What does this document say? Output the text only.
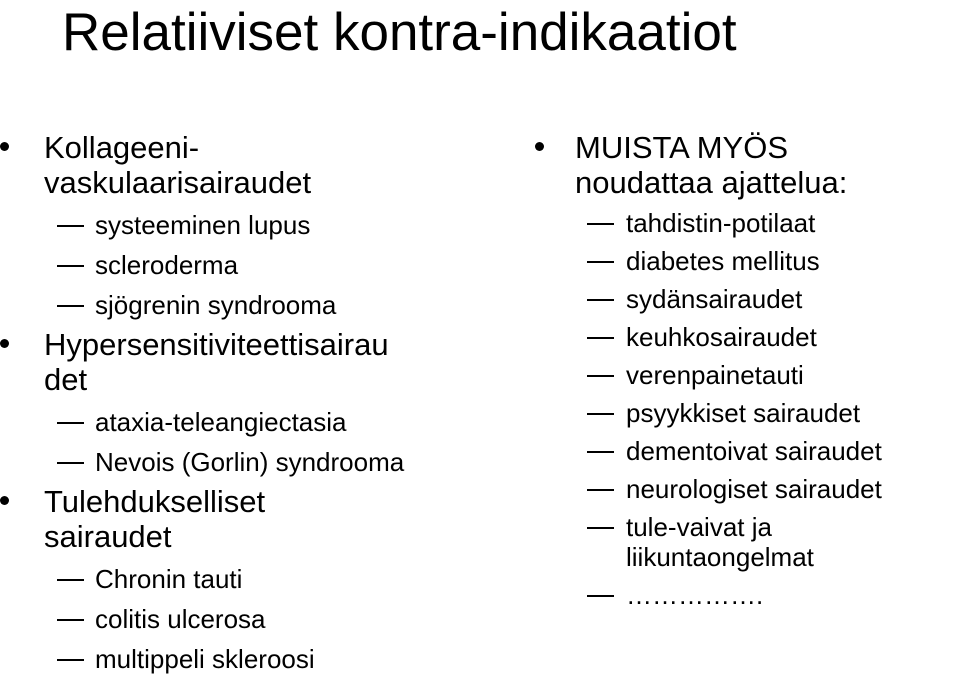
Relatiiviset kontra-indikaatiot
Kollageeni-
vaskulaarisairaudet
systeeminen lupus
scleroderma
sjögrenin syndrooma
Hypersensitiviteettisairau
det
ataxia-teleangiectasia
Nevois (Gorlin) syndrooma
Tulehdukselliset
sairaudet
Chronin tauti
colitis ulcerosa
multippeli skleroosi
MUISTA MYÖS
noudattaa ajattelua:
tahdistin-potilaat
diabetes mellitus
sydänsairaudet
keuhkosairaudet
verenpainetauti
psyykkiset sairaudet
dementoivat sairaudet
neurologiset sairaudet
tule-vaivat ja
liikuntaongelmat
…………….
